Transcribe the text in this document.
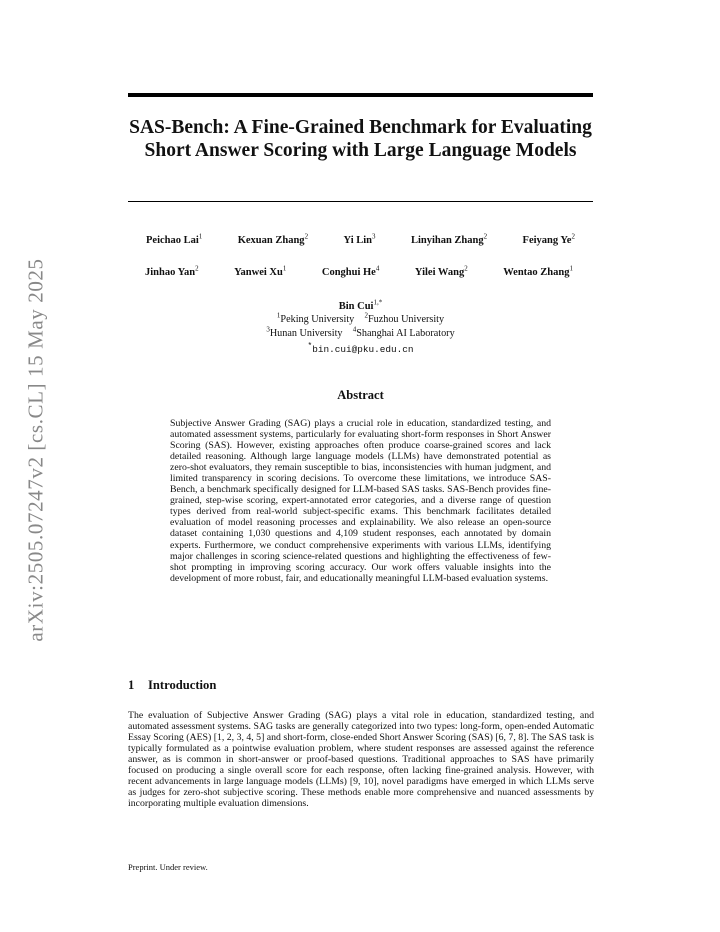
arXiv:2505.07247v2 [cs.CL] 15 May 2025
SAS-Bench: A Fine-Grained Benchmark for Evaluating Short Answer Scoring with Large Language Models
Peichao Lai$^1$	Kexuan Zhang$^2$	Yi Lin$^3$	Linyihan Zhang$^2$	Feiyang Ye$^2$
Jinhao Yan$^2$	Yanwei Xu$^1$	Conghui He$^4$	Yilei Wang$^2$	Wentao Zhang$^1$
Bin Cui$^{1,*}$
$^1$Peking University $^2$Fuzhou University
$^3$Hunan University $^4$Shanghai AI Laboratory
*bin.cui@pku.edu.cn
Abstract
Subjective Answer Grading (SAG) plays a crucial role in education, standardized testing, and automated assessment systems, particularly for evaluating short-form responses in Short Answer Scoring (SAS). However, existing approaches often produce coarse-grained scores and lack detailed reasoning. Although large language models (LLMs) have demonstrated potential as zero-shot evaluators, they remain susceptible to bias, inconsistencies with human judgment, and limited transparency in scoring decisions. To overcome these limitations, we introduce SAS-Bench, a benchmark specifically designed for LLM-based SAS tasks. SAS-Bench provides fine-grained, step-wise scoring, expert-annotated error categories, and a diverse range of question types derived from real-world subject-specific exams. This benchmark facilitates detailed evaluation of model reasoning processes and explainability. We also release an open-source dataset containing 1,030 questions and 4,109 student responses, each annotated by domain experts. Furthermore, we conduct comprehensive experiments with various LLMs, identifying major challenges in scoring science-related questions and highlighting the effectiveness of few-shot prompting in improving scoring accuracy. Our work offers valuable insights into the development of more robust, fair, and educationally meaningful LLM-based evaluation systems.
1 Introduction
The evaluation of Subjective Answer Grading (SAG) plays a vital role in education, standardized testing, and automated assessment systems. SAG tasks are generally categorized into two types: long-form, open-ended Automatic Essay Scoring (AES) [1, 2, 3, 4, 5] and short-form, close-ended Short Answer Scoring (SAS) [6, 7, 8]. The SAS task is typically formulated as a pointwise evaluation problem, where student responses are assessed against the reference answer, as is common in short-answer or proof-based questions. Traditional approaches to SAS have primarily focused on producing a single overall score for each response, often lacking fine-grained analysis. However, with recent advancements in large language models (LLMs) [9, 10], novel paradigms have emerged in which LLMs serve as judges for zero-shot subjective scoring. These methods enable more comprehensive and nuanced assessments by incorporating multiple evaluation dimensions.
Preprint. Under review.
